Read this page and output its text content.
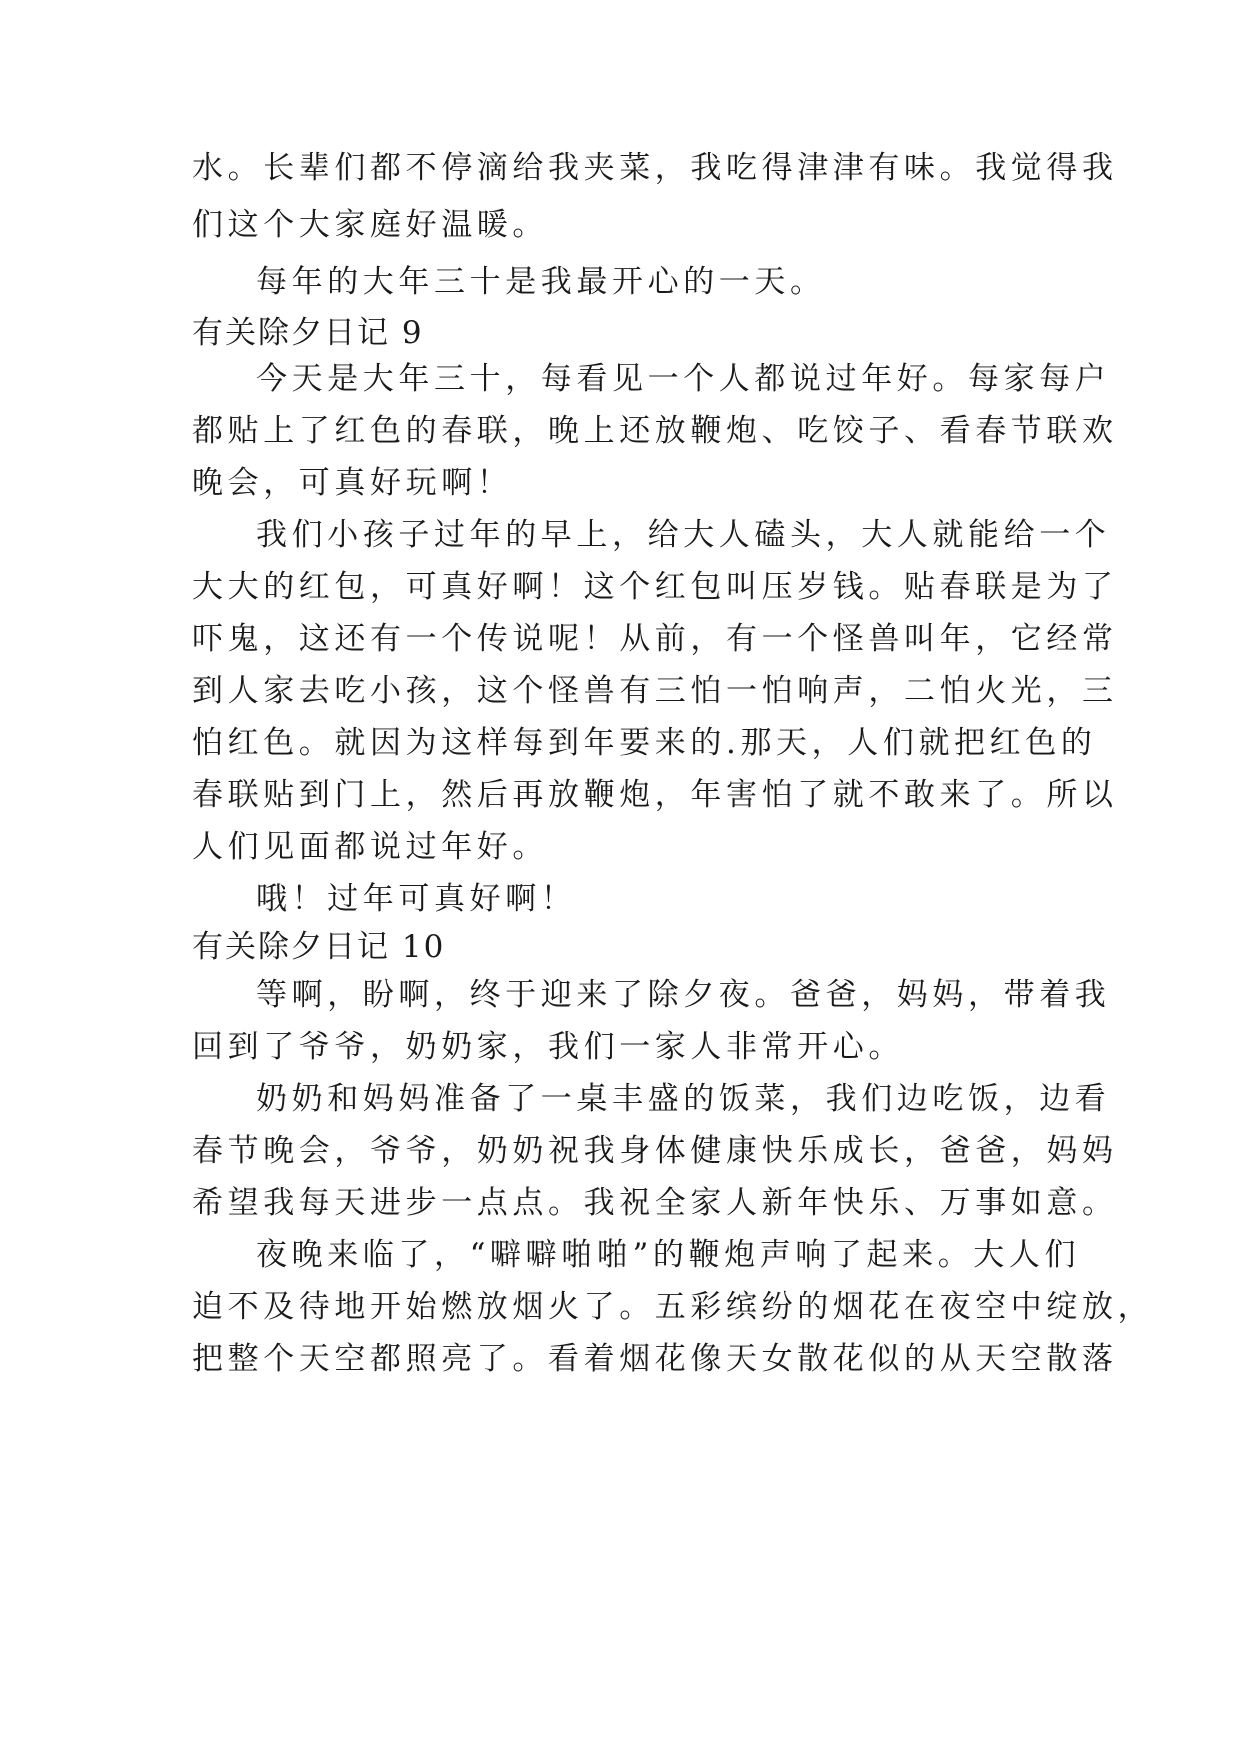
水。长辈们都不停滴给我夹菜，我吃得津津有味。我觉得我
们这个大家庭好温暖。
每年的大年三十是我最开心的一天。
有关除夕日记 9
今天是大年三十，每看见一个人都说过年好。每家每户
都贴上了红色的春联，晚上还放鞭炮、吃饺子、看春节联欢
晚会，可真好玩啊！
我们小孩子过年的早上，给大人磕头，大人就能给一个
大大的红包，可真好啊！这个红包叫压岁钱。贴春联是为了
吓鬼，这还有一个传说呢！从前，有一个怪兽叫年，它经常
到人家去吃小孩，这个怪兽有三怕一怕响声，二怕火光，三
怕红色。就因为这样每到年要来的.那天，人们就把红色的
春联贴到门上，然后再放鞭炮，年害怕了就不敢来了。所以
人们见面都说过年好。
哦！过年可真好啊！
有关除夕日记 10
等啊，盼啊，终于迎来了除夕夜。爸爸，妈妈，带着我
回到了爷爷，奶奶家，我们一家人非常开心。
奶奶和妈妈准备了一桌丰盛的饭菜，我们边吃饭，边看
春节晚会，爷爷，奶奶祝我身体健康快乐成长，爸爸，妈妈
希望我每天进步一点点。我祝全家人新年快乐、万事如意。
夜晚来临了，“噼噼啪啪”的鞭炮声响了起来。大人们
迫不及待地开始燃放烟火了。五彩缤纷的烟花在夜空中绽放，
把整个天空都照亮了。看着烟花像天女散花似的从天空散落
